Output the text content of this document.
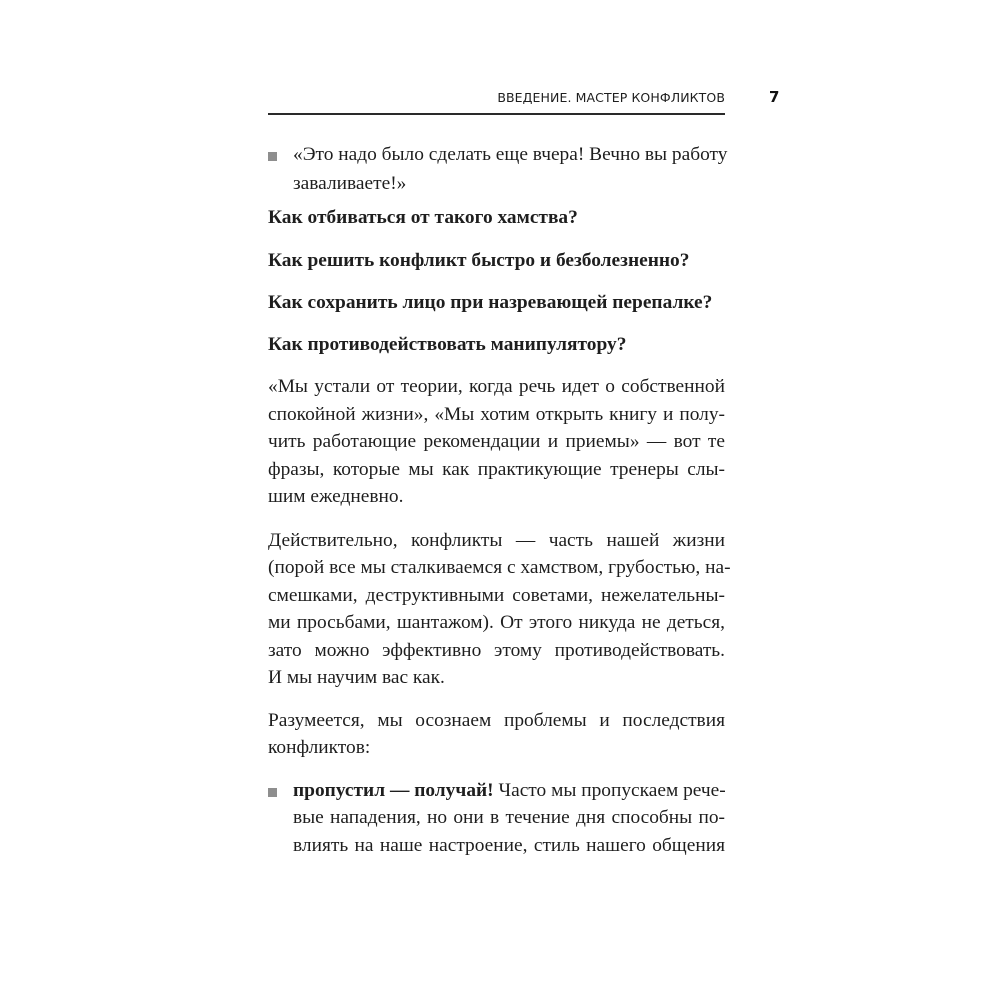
ВВЕДЕНИЕ. МАСТЕР КОНФЛИКТОВ	7
«Это надо было сделать еще вчера! Вечно вы работу
заваливаете!»
Как отбиваться от такого хамства?
Как решить конфликт быстро и безболезненно?
Как сохранить лицо при назревающей перепалке?
Как противодействовать манипулятору?
«Мы устали от теории, когда речь идет о собственной
спокойной жизни», «Мы хотим открыть книгу и полу-
чить работающие рекомендации и приемы» — вот те
фразы, которые мы как практикующие тренеры слы-
шим ежедневно.
Действительно, конфликты — часть нашей жизни
(порой все мы сталкиваемся с хамством, грубостью, на-
смешками, деструктивными советами, нежелательны-
ми просьбами, шантажом). От этого никуда не деться,
зато можно эффективно этому противодействовать.
И мы научим вас как.
Разумеется, мы осознаем проблемы и последствия
конфликтов:
пропустил — получай! Часто мы пропускаем рече-
вые нападения, но они в течение дня способны по-
влиять на наше настроение, стиль нашего общения
